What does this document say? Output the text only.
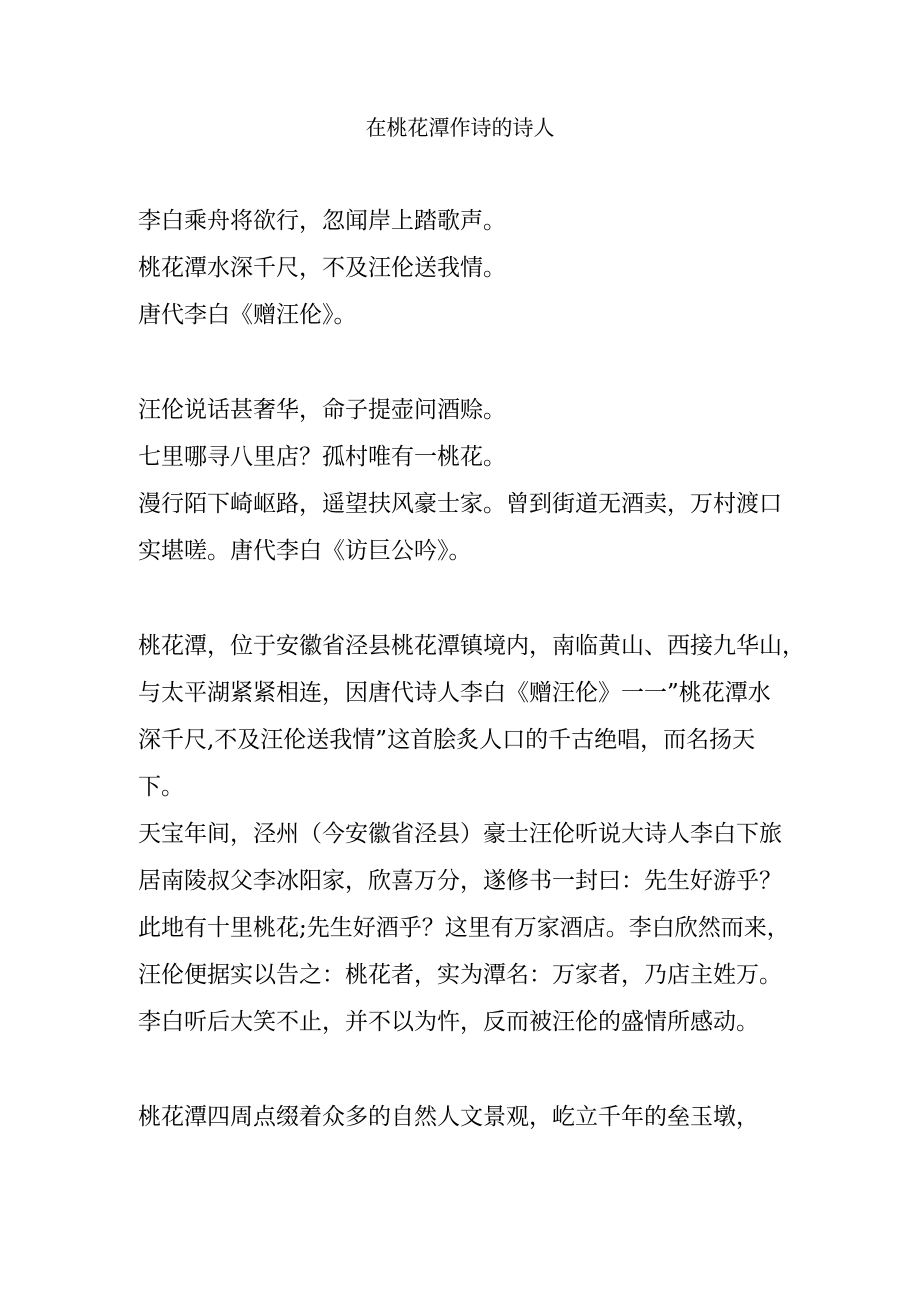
在桃花潭作诗的诗人
李白乘舟将欲行，忽闻岸上踏歌声。
桃花潭水深千尺，不及汪伦送我情。
唐代李白《赠汪伦》。
汪伦说话甚奢华，命子提壶问酒赊。
七里哪寻八里店？孤村唯有一桃花。
漫行陌下崎岖路，遥望扶风豪士家。曾到街道无酒卖，万村渡口
实堪嗟。唐代李白《访巨公吟》。
桃花潭，位于安徽省泾县桃花潭镇境内，南临黄山、西接九华山，
与太平湖紧紧相连，因唐代诗人李白《赠汪伦》一一”桃花潭水
深千尺,不及汪伦送我情”这首脍炙人口的千古绝唱，而名扬天
下。
天宝年间，泾州（今安徽省泾县）豪士汪伦听说大诗人李白下旅
居南陵叔父李冰阳家，欣喜万分，遂修书一封曰：先生好游乎？
此地有十里桃花;先生好酒乎？这里有万家酒店。李白欣然而来，
汪伦便据实以告之：桃花者，实为潭名：万家者，乃店主姓万。
李白听后大笑不止，并不以为忤，反而被汪伦的盛情所感动。
桃花潭四周点缀着众多的自然人文景观，屹立千年的垒玉墩，
